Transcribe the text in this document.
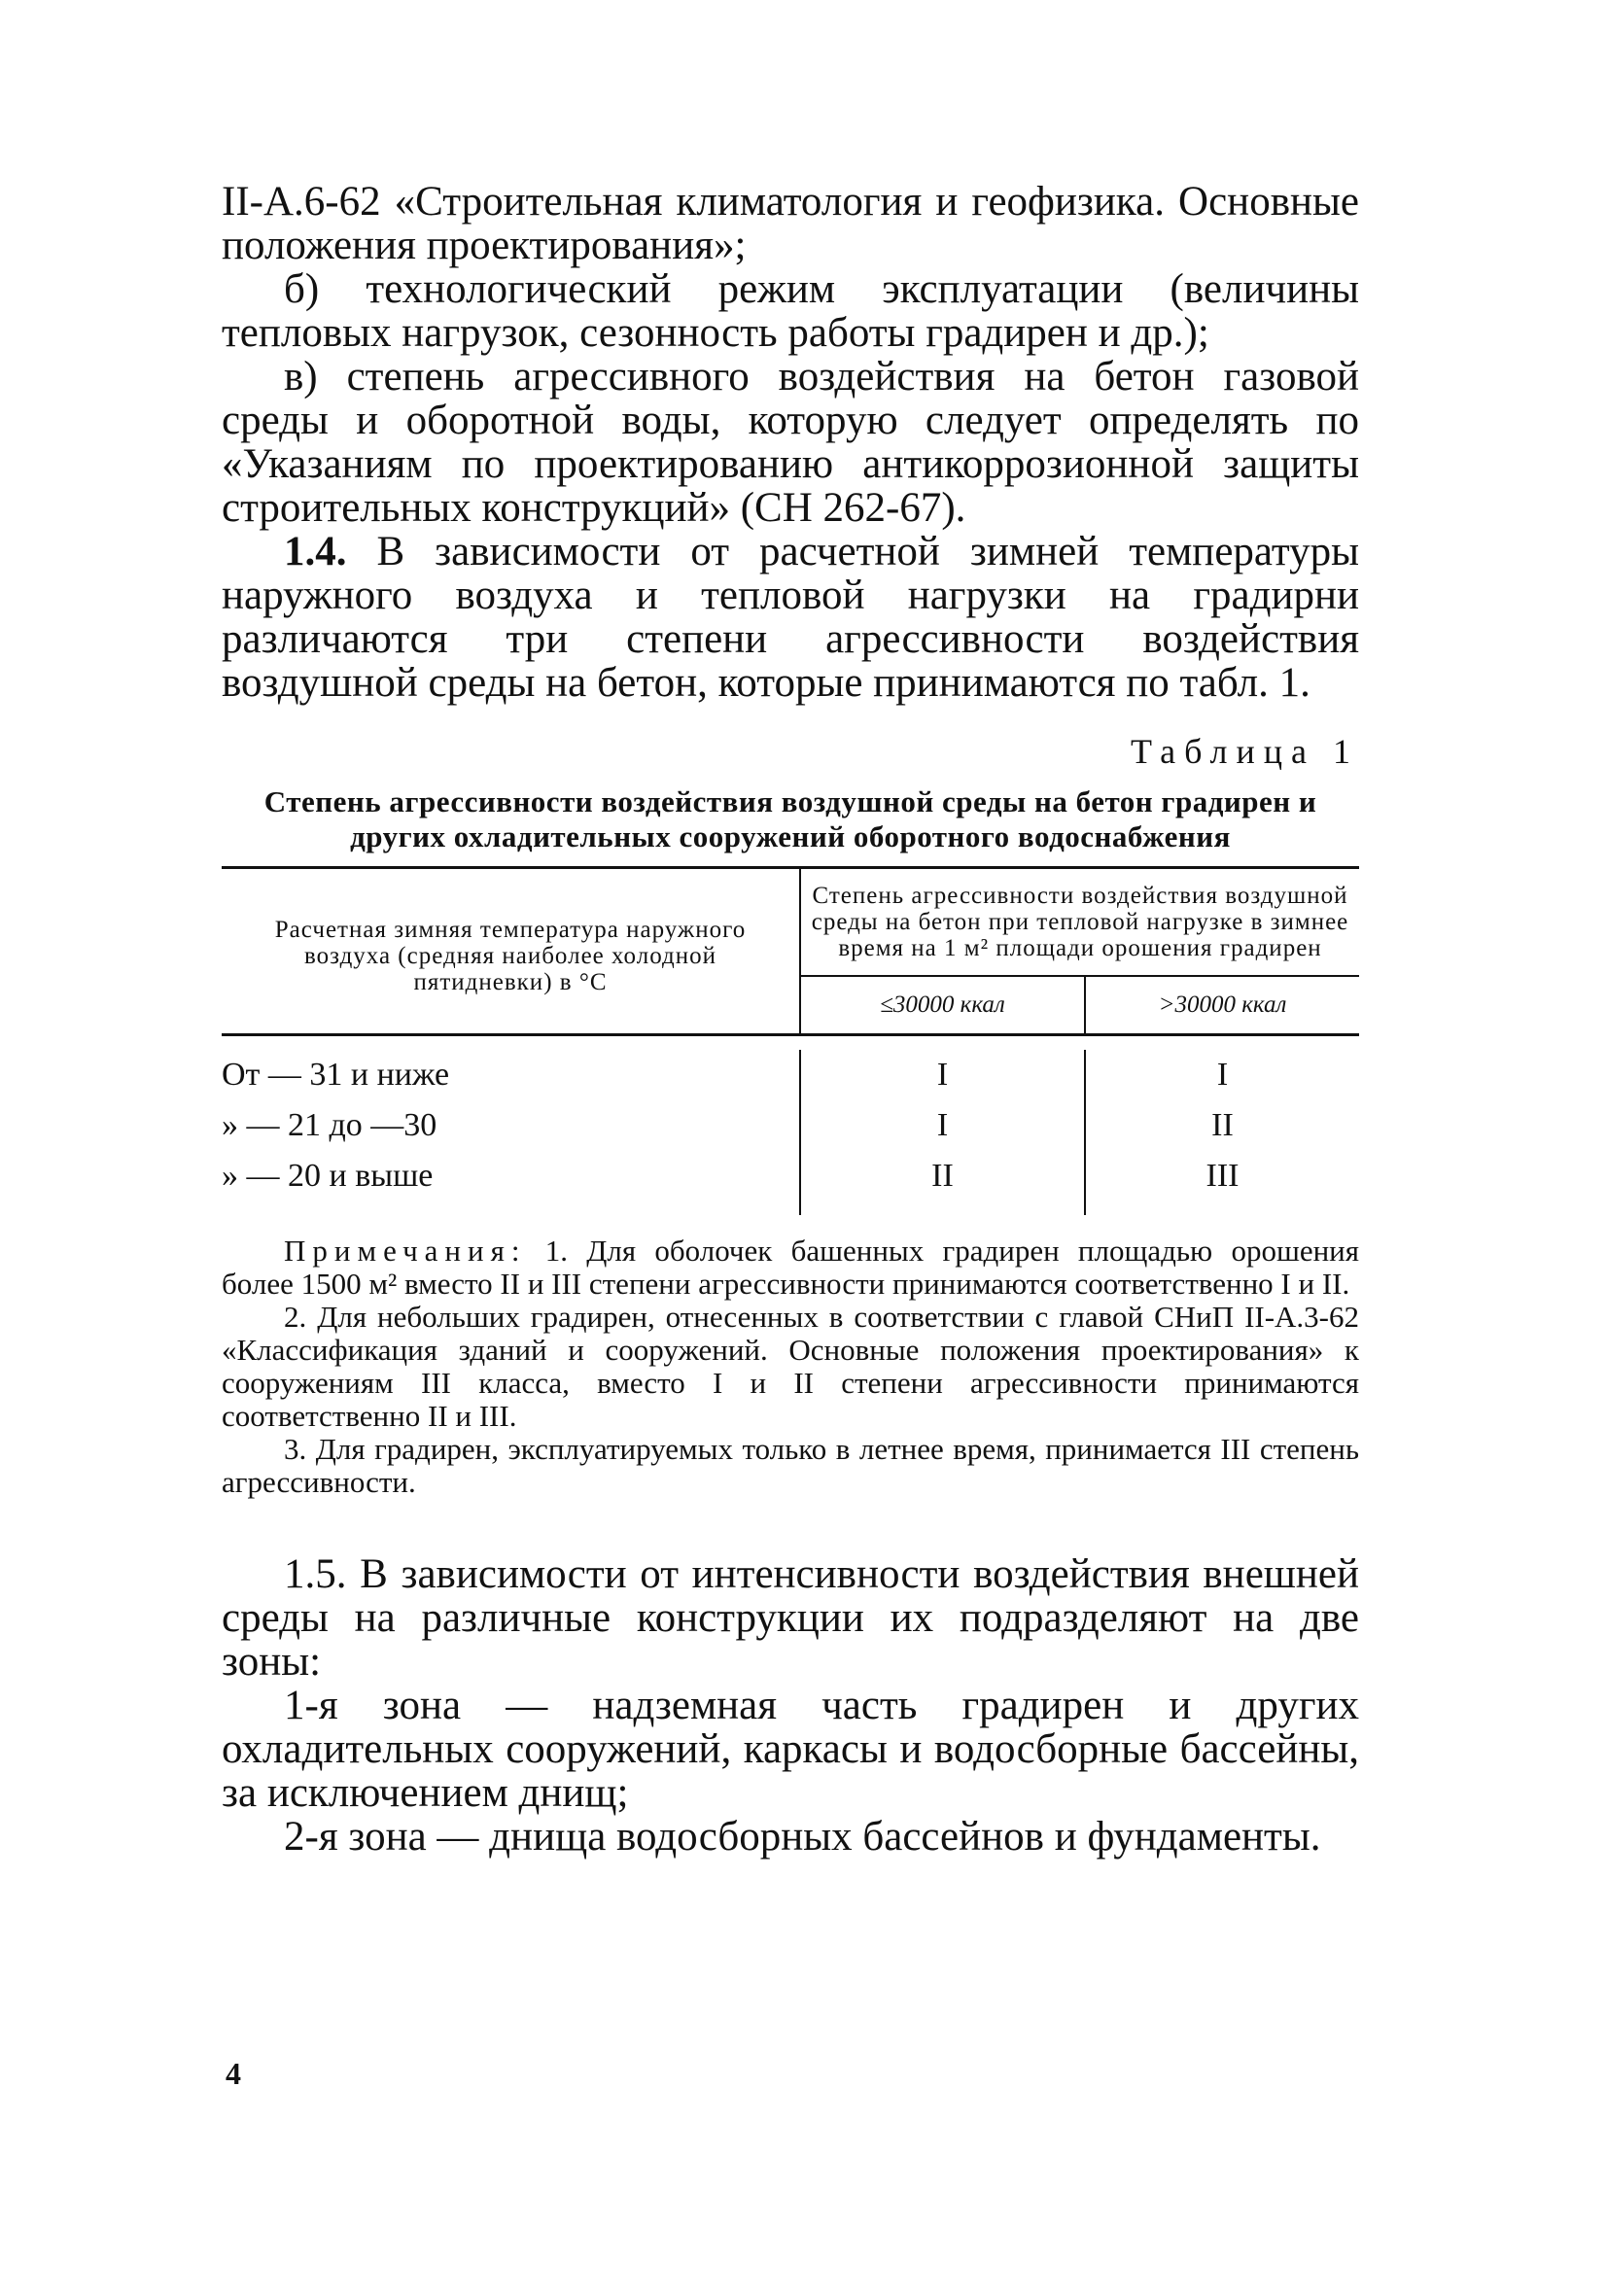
II-А.6-62 «Строительная климатология и геофизика. Основные положения проектирования»;

б) технологический режим эксплуатации (величины тепловых нагрузок, сезонность работы градирен и др.);

в) степень агрессивного воздействия на бетон газовой среды и оборотной воды, которую следует определять по «Указаниям по проектированию антикоррозионной защиты строительных конструкций» (СН 262-67).

1.4. В зависимости от расчетной зимней температуры наружного воздуха и тепловой нагрузки на градирни различаются три степени агрессивности воздействия воздушной среды на бетон, которые принимаются по табл. 1.

Таблица 1
Степень агрессивности воздействия воздушной среды на бетон градирен и других охладительных сооружений оборотного водоснабжения
Расчетная зимняя температура наружного воздуха (средняя наиболее холодной пятидневки) в °С	Степень агрессивности воздействия воздушной среды на бетон при тепловой нагрузке в зимнее время на 1 м² площади орошения градирен	
	≤30000 ккал	>30000 ккал

От — 31 и ниже	I	I
» — 21 до —30	I	II
» — 20 и выше	II	III

Примечания: 1. Для оболочек башенных градирен площадью орошения более 1500 м² вместо II и III степени агрессивности принимаются соответственно I и II.

2. Для небольших градирен, отнесенных в соответствии с главой СНиП II-А.3-62 «Классификация зданий и сооружений. Основные положения проектирования» к сооружениям III класса, вместо I и II степени агрессивности принимаются соответственно II и III.

3. Для градирен, эксплуатируемых только в летнее время, принимается III степень агрессивности.

1.5. В зависимости от интенсивности воздействия внешней среды на различные конструкции их подразделяют на две зоны:

1-я зона — надземная часть градирен и других охладительных сооружений, каркасы и водосборные бассейны, за исключением днищ;

2-я зона — днища водосборных бассейнов и фундаменты.

4
